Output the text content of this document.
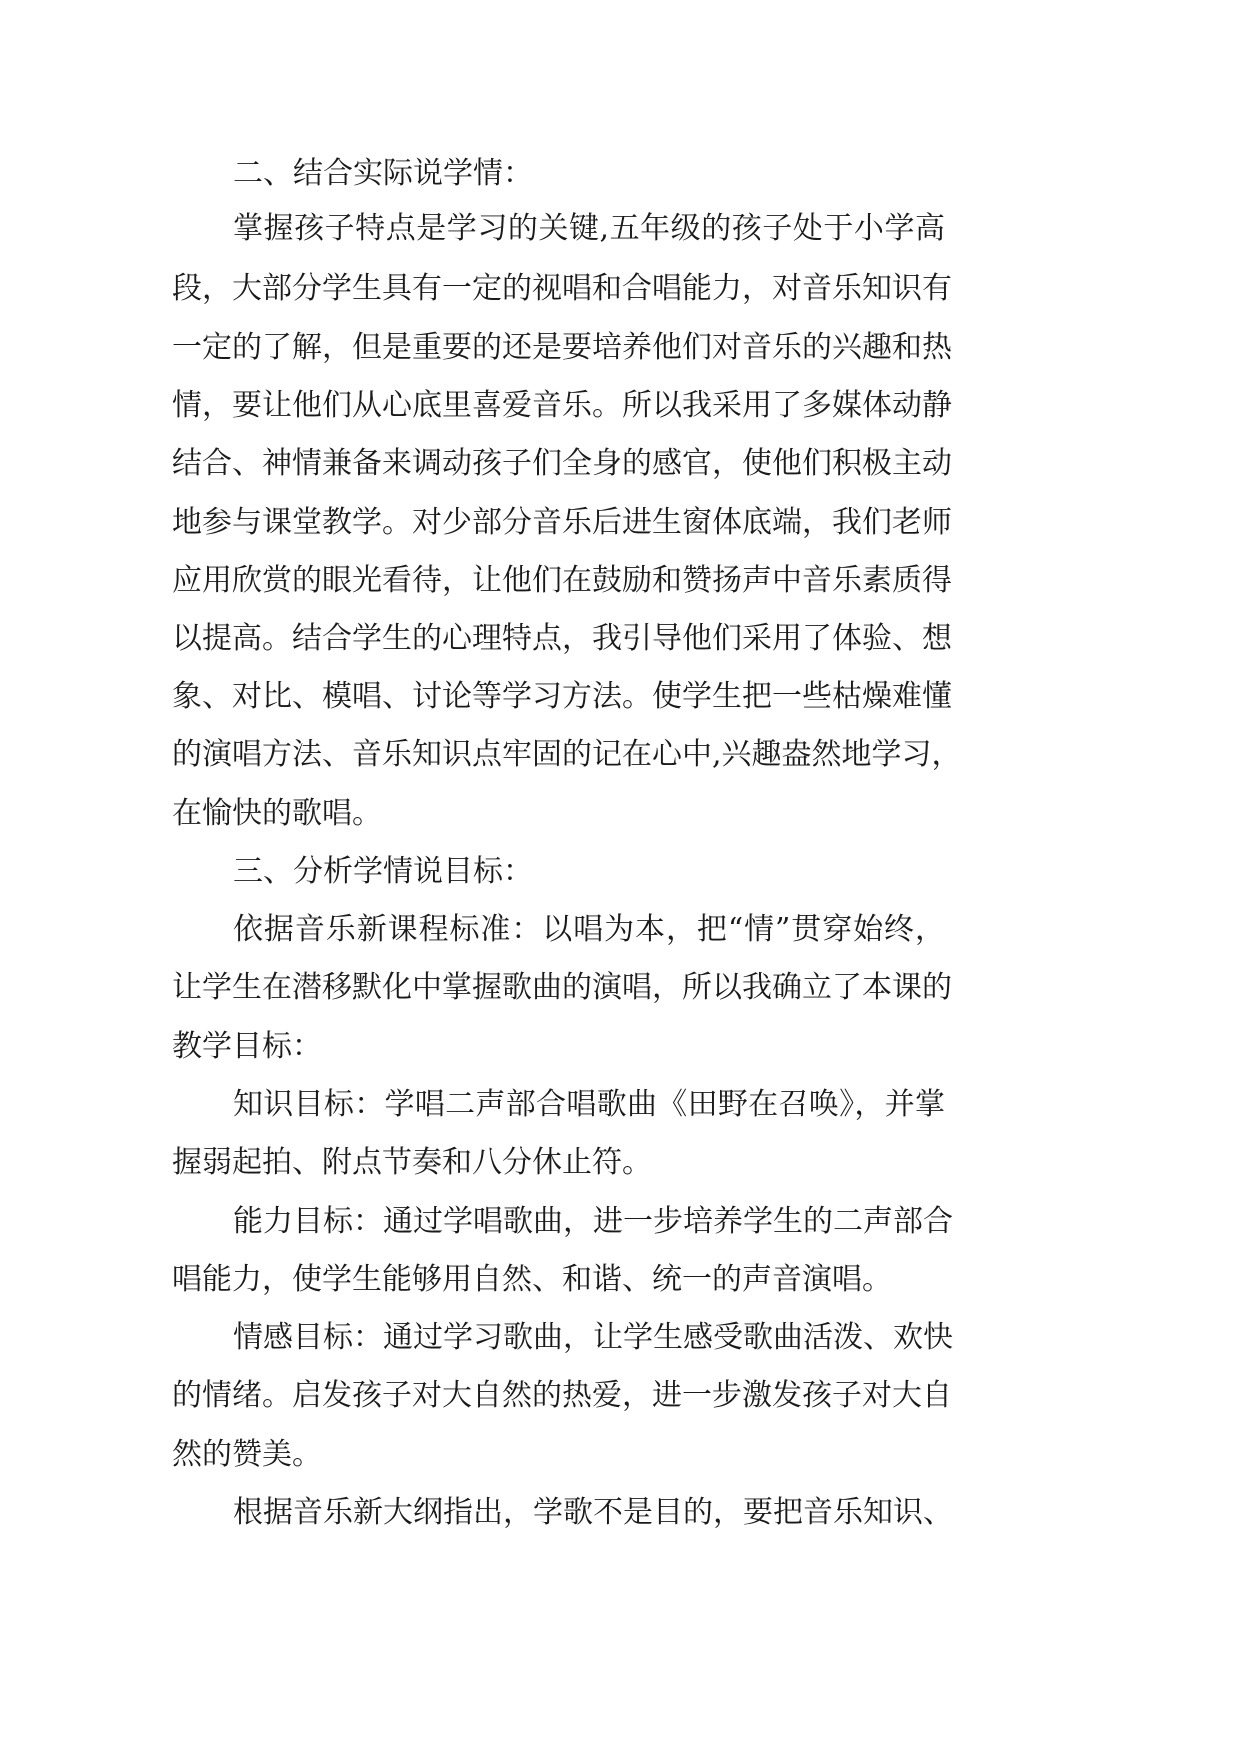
二、结合实际说学情：

掌握孩子特点是学习的关键,五年级的孩子处于小学高

段，大部分学生具有一定的视唱和合唱能力，对音乐知识有

一定的了解，但是重要的还是要培养他们对音乐的兴趣和热

情，要让他们从心底里喜爱音乐。所以我采用了多媒体动静

结合、神情兼备来调动孩子们全身的感官，使他们积极主动

地参与课堂教学。对少部分音乐后进生窗体底端，我们老师

应用欣赏的眼光看待，让他们在鼓励和赞扬声中音乐素质得

以提高。结合学生的心理特点，我引导他们采用了体验、想

象、对比、模唱、讨论等学习方法。使学生把一些枯燥难懂

的演唱方法、音乐知识点牢固的记在心中,兴趣盎然地学习，

在愉快的歌唱。

三、分析学情说目标：

依据音乐新课程标准：以唱为本，把“情”贯穿始终，

让学生在潜移默化中掌握歌曲的演唱，所以我确立了本课的

教学目标：

知识目标：学唱二声部合唱歌曲《田野在召唤》，并掌

握弱起拍、附点节奏和八分休止符。

能力目标：通过学唱歌曲，进一步培养学生的二声部合

唱能力，使学生能够用自然、和谐、统一的声音演唱。

情感目标：通过学习歌曲，让学生感受歌曲活泼、欢快

的情绪。启发孩子对大自然的热爱，进一步激发孩子对大自

然的赞美。

根据音乐新大纲指出，学歌不是目的，要把音乐知识、
